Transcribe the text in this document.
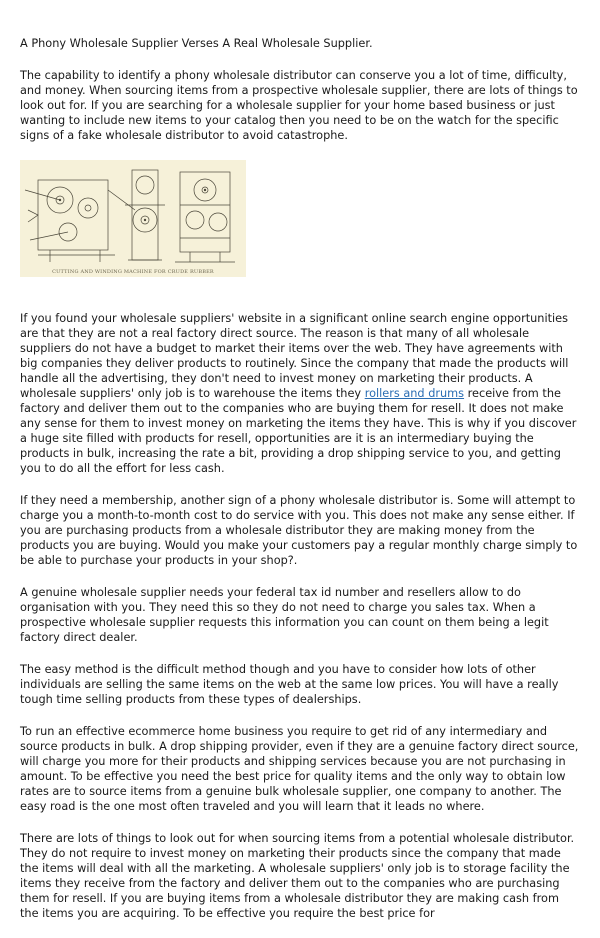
A Phony Wholesale Supplier Verses A Real Wholesale Supplier.

The capability to identify a phony wholesale distributor can conserve you a lot of time, difficulty, and money. When sourcing items from a prospective wholesale supplier, there are lots of things to look out for. If you are searching for a wholesale supplier for your home based business or just wanting to include new items to your catalog then you need to be on the watch for the specific signs of a fake wholesale distributor to avoid catastrophe.

CUTTING AND WINDING MACHINE FOR CRUDE RUBBER

If you found your wholesale suppliers' website in a significant online search engine opportunities are that they are not a real factory direct source. The reason is that many of all wholesale suppliers do not have a budget to market their items over the web. They have agreements with big companies they deliver products to routinely. Since the company that made the products will handle all the advertising, they don't need to invest money on marketing their products. A wholesale suppliers' only job is to warehouse the items they rollers and drums receive from the factory and deliver them out to the companies who are buying them for resell. It does not make any sense for them to invest money on marketing the items they have. This is why if you discover a huge site filled with products for resell, opportunities are it is an intermediary buying the products in bulk, increasing the rate a bit, providing a drop shipping service to you, and getting you to do all the effort for less cash.

If they need a membership, another sign of a phony wholesale distributor is. Some will attempt to charge you a month-to-month cost to do service with you. This does not make any sense either. If you are purchasing products from a wholesale distributor they are making money from the products you are buying. Would you make your customers pay a regular monthly charge simply to be able to purchase your products in your shop?.

A genuine wholesale supplier needs your federal tax id number and resellers allow to do organisation with you. They need this so they do not need to charge you sales tax. When a prospective wholesale supplier requests this information you can count on them being a legit factory direct dealer.

The easy method is the difficult method though and you have to consider how lots of other individuals are selling the same items on the web at the same low prices. You will have a really tough time selling products from these types of dealerships.

To run an effective ecommerce home business you require to get rid of any intermediary and source products in bulk. A drop shipping provider, even if they are a genuine factory direct source, will charge you more for their products and shipping services because you are not purchasing in amount. To be effective you need the best price for quality items and the only way to obtain low rates are to source items from a genuine bulk wholesale supplier, one company to another. The easy road is the one most often traveled and you will learn that it leads no where.

There are lots of things to look out for when sourcing items from a potential wholesale distributor. They do not require to invest money on marketing their products since the company that made the items will deal with all the marketing. A wholesale suppliers' only job is to storage facility the items they receive from the factory and deliver them out to the companies who are purchasing them for resell. If you are buying items from a wholesale distributor they are making cash from the items you are acquiring. To be effective you require the best price for
